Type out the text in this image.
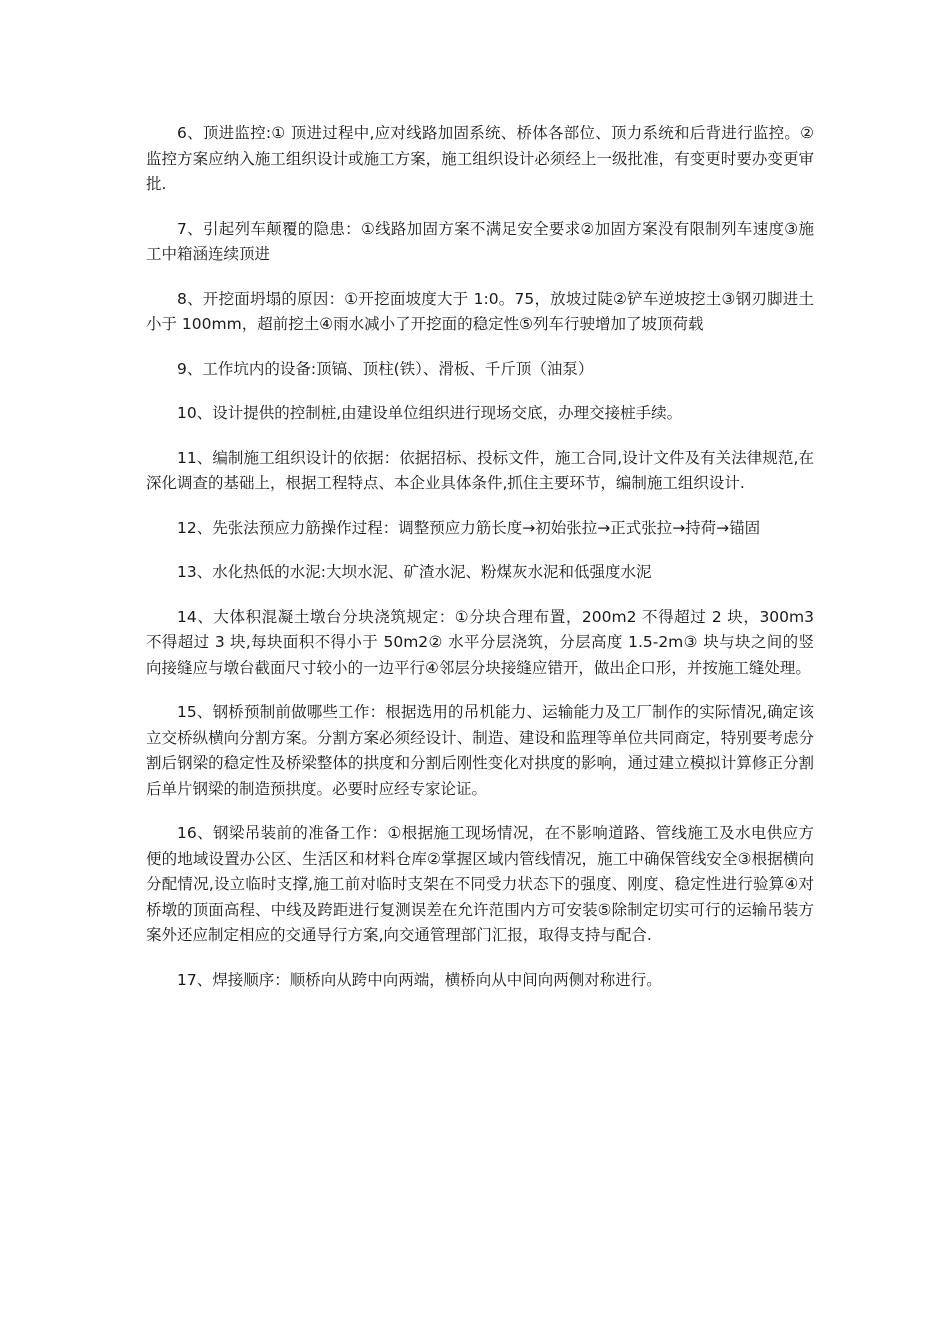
6、顶进监控:① 顶进过程中,应对线路加固系统、桥体各部位、顶力系统和后背进行监控。②监控方案应纳入施工组织设计或施工方案，施工组织设计必须经上一级批准，有变更时要办变更审批.

7、引起列车颠覆的隐患：①线路加固方案不满足安全要求②加固方案没有限制列车速度③施工中箱涵连续顶进

8、开挖面坍塌的原因：①开挖面坡度大于 1:0。75，放坡过陡②铲车逆坡挖土③钢刃脚进土小于 100mm，超前挖土④雨水减小了开挖面的稳定性⑤列车行驶增加了坡顶荷载

9、工作坑内的设备:顶镐、顶柱(铁）、滑板、千斤顶（油泵）

10、设计提供的控制桩,由建设单位组织进行现场交底，办理交接桩手续。

11、编制施工组织设计的依据：依据招标、投标文件，施工合同,设计文件及有关法律规范,在深化调查的基础上，根据工程特点、本企业具体条件,抓住主要环节，编制施工组织设计.

12、先张法预应力筋操作过程：调整预应力筋长度→初始张拉→正式张拉→持荷→锚固

13、水化热低的水泥:大坝水泥、矿渣水泥、粉煤灰水泥和低强度水泥

14、大体积混凝土墩台分块浇筑规定：①分块合理布置，200m2 不得超过 2 块，300m3 不得超过 3 块,每块面积不得小于 50m2② 水平分层浇筑，分层高度 1.5-2m③ 块与块之间的竖向接缝应与墩台截面尺寸较小的一边平行④邻层分块接缝应错开，做出企口形，并按施工缝处理。

15、钢桥预制前做哪些工作：根据选用的吊机能力、运输能力及工厂制作的实际情况,确定该立交桥纵横向分割方案。分割方案必须经设计、制造、建设和监理等单位共同商定，特别要考虑分割后钢梁的稳定性及桥梁整体的拱度和分割后刚性变化对拱度的影响，通过建立模拟计算修正分割后单片钢梁的制造预拱度。必要时应经专家论证。

16、钢梁吊装前的准备工作：①根据施工现场情况，在不影响道路、管线施工及水电供应方便的地域设置办公区、生活区和材料仓库②掌握区域内管线情况，施工中确保管线安全③根据横向分配情况,设立临时支撑,施工前对临时支架在不同受力状态下的强度、刚度、稳定性进行验算④对桥墩的顶面高程、中线及跨距进行复测误差在允许范围内方可安装⑤除制定切实可行的运输吊装方案外还应制定相应的交通导行方案,向交通管理部门汇报，取得支持与配合.

17、焊接顺序：顺桥向从跨中向两端，横桥向从中间向两侧对称进行。
